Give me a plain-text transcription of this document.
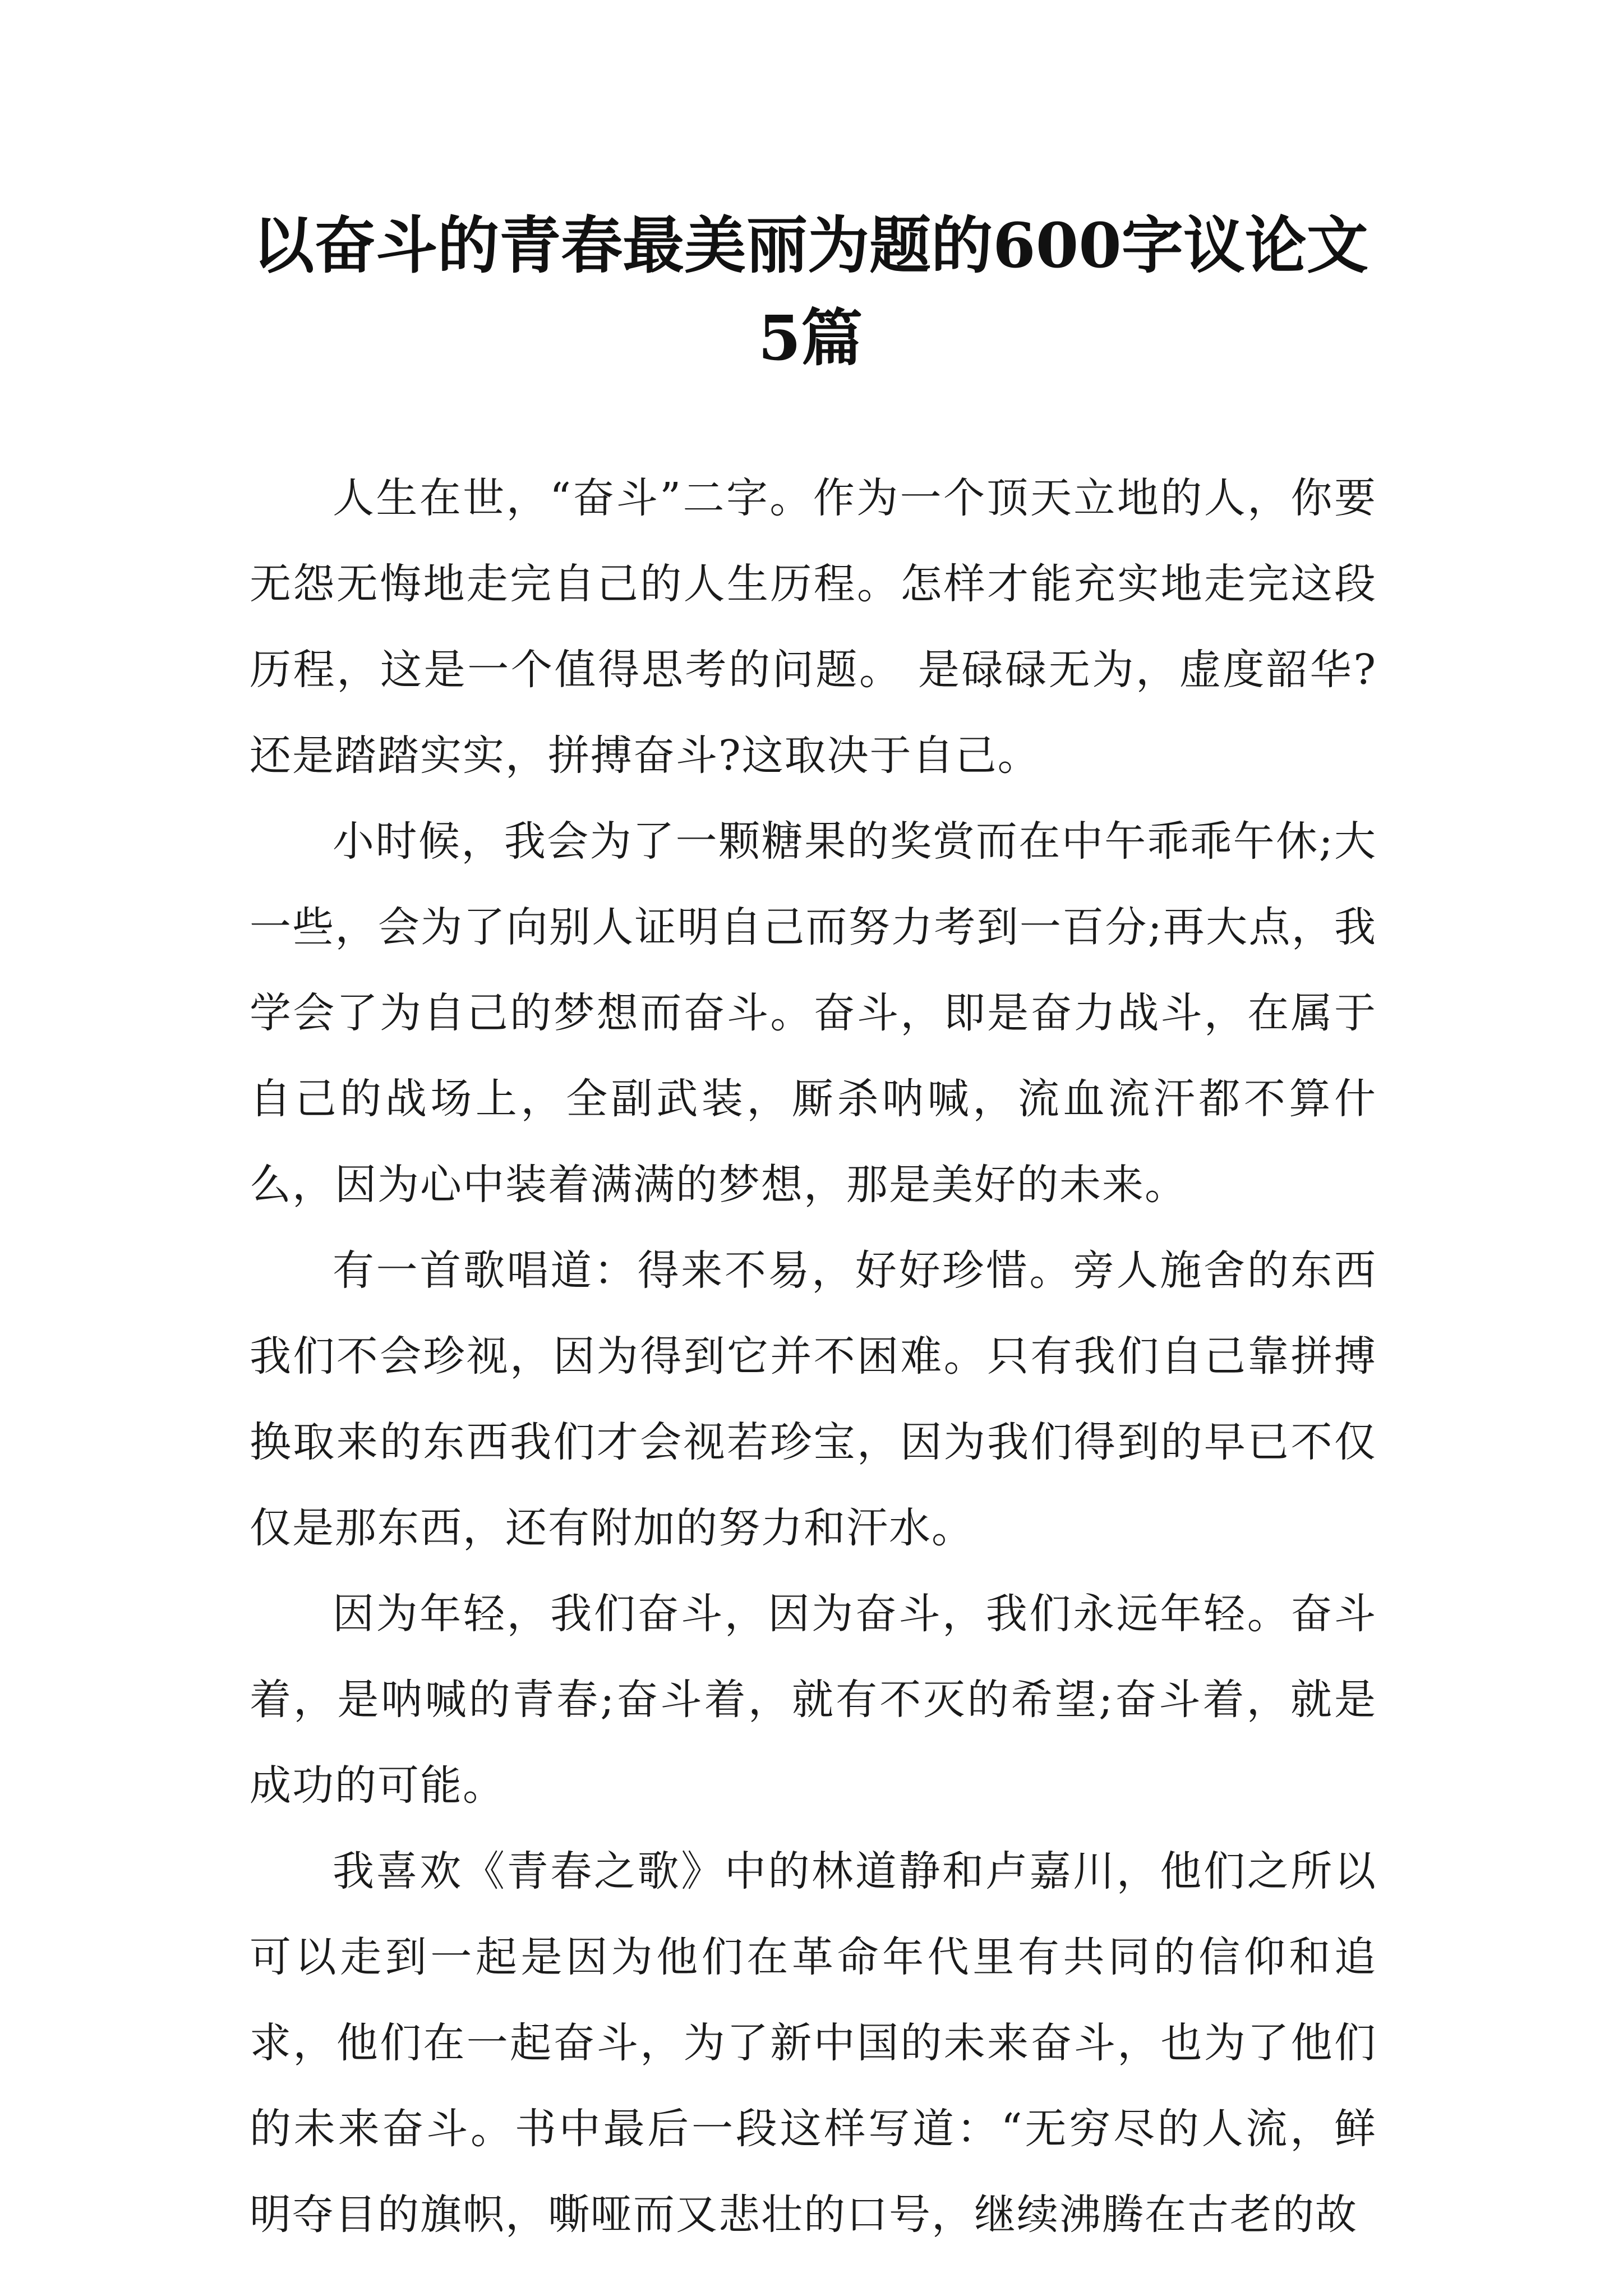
以奋斗的青春最美丽为题的600字议论文5篇

人生在世，“奋斗”二字。作为一个顶天立地的人，你要无怨无悔地走完自己的人生历程。怎样才能充实地走完这段历程，这是一个值得思考的问题。 是碌碌无为，虚度韶华?还是踏踏实实，拼搏奋斗?这取决于自己。

小时候，我会为了一颗糖果的奖赏而在中午乖乖午休;大一些，会为了向别人证明自己而努力考到一百分;再大点，我学会了为自己的梦想而奋斗。奋斗，即是奋力战斗，在属于自己的战场上，全副武装，厮杀呐喊，流血流汗都不算什么，因为心中装着满满的梦想，那是美好的未来。

有一首歌唱道：得来不易，好好珍惜。旁人施舍的东西我们不会珍视，因为得到它并不困难。只有我们自己靠拼搏换取来的东西我们才会视若珍宝，因为我们得到的早已不仅仅是那东西，还有附加的努力和汗水。

因为年轻，我们奋斗，因为奋斗，我们永远年轻。奋斗着，是呐喊的青春;奋斗着，就有不灭的希望;奋斗着，就是成功的可能。

我喜欢《青春之歌》中的林道静和卢嘉川，他们之所以可以走到一起是因为他们在革命年代里有共同的信仰和追求，他们在一起奋斗，为了新中国的未来奋斗，也为了他们的未来奋斗。书中最后一段这样写道：“无穷尽的人流，鲜明夺目的旗帜，嘶哑而又悲壮的口号，继续沸腾在古老的故
